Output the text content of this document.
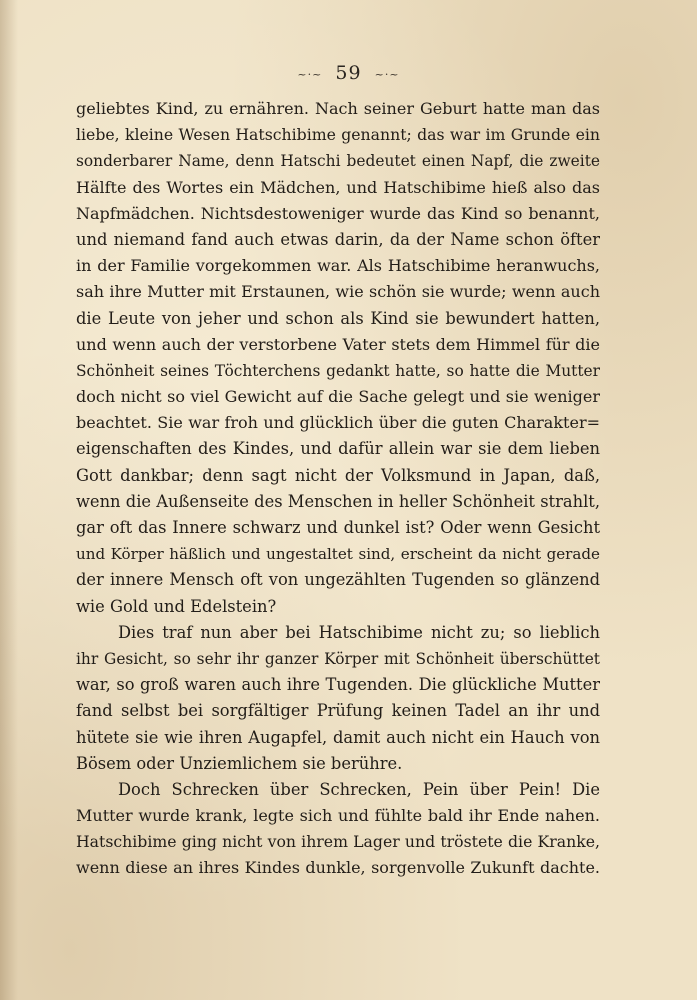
~·~ 59 ~·~
geliebtes Kind, zu ernähren. Nach seiner Geburt hatte man das
liebe, kleine Wesen Hatschibime genannt; das war im Grunde ein
sonderbarer Name, denn Hatschi bedeutet einen Napf, die zweite
Hälfte des Wortes ein Mädchen, und Hatschibime hieß also das
Napfmädchen. Nichtsdestoweniger wurde das Kind so benannt,
und niemand fand auch etwas darin, da der Name schon öfter
in der Familie vorgekommen war. Als Hatschibime heranwuchs,
sah ihre Mutter mit Erstaunen, wie schön sie wurde; wenn auch
die Leute von jeher und schon als Kind sie bewundert hatten,
und wenn auch der verstorbene Vater stets dem Himmel für die
Schönheit seines Töchterchens gedankt hatte, so hatte die Mutter
doch nicht so viel Gewicht auf die Sache gelegt und sie weniger
beachtet. Sie war froh und glücklich über die guten Charakter=
eigenschaften des Kindes, und dafür allein war sie dem lieben
Gott dankbar; denn sagt nicht der Volksmund in Japan, daß,
wenn die Außenseite des Menschen in heller Schönheit strahlt,
gar oft das Innere schwarz und dunkel ist? Oder wenn Gesicht
und Körper häßlich und ungestaltet sind, erscheint da nicht gerade
der innere Mensch oft von ungezählten Tugenden so glänzend
wie Gold und Edelstein?
Dies traf nun aber bei Hatschibime nicht zu; so lieblich
ihr Gesicht, so sehr ihr ganzer Körper mit Schönheit überschüttet
war, so groß waren auch ihre Tugenden. Die glückliche Mutter
fand selbst bei sorgfältiger Prüfung keinen Tadel an ihr und
hütete sie wie ihren Augapfel, damit auch nicht ein Hauch von
Bösem oder Unziemlichem sie berühre.
Doch Schrecken über Schrecken, Pein über Pein! Die
Mutter wurde krank, legte sich und fühlte bald ihr Ende nahen.
Hatschibime ging nicht von ihrem Lager und tröstete die Kranke,
wenn diese an ihres Kindes dunkle, sorgenvolle Zukunft dachte.
